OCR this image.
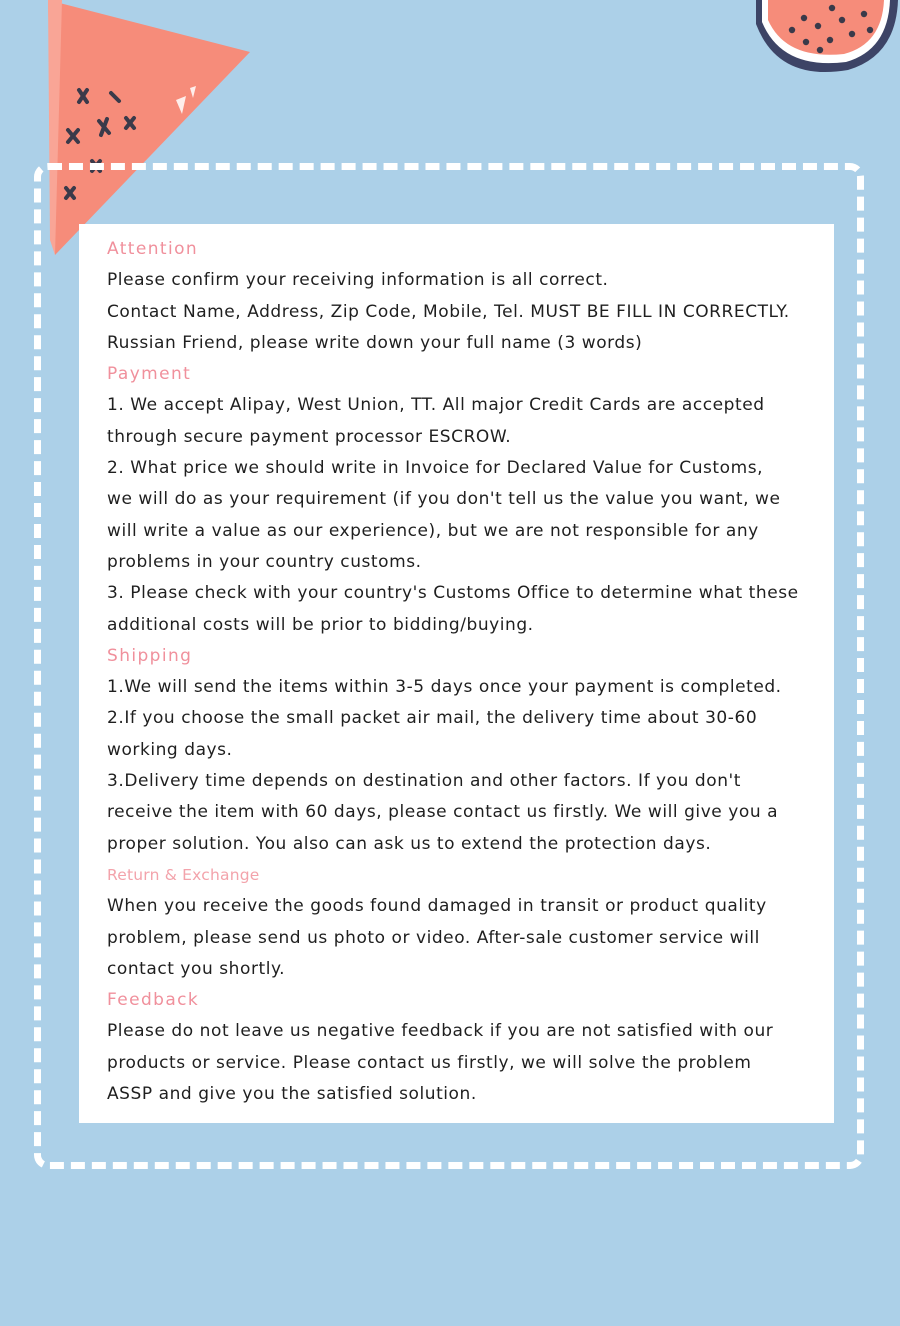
Attention
Please confirm your receiving information is all correct.
Contact Name, Address, Zip Code, Mobile, Tel. MUST BE FILL IN CORRECTLY.
Russian Friend, please write down your full name (3 words)
Payment
1. We accept Alipay, West Union, TT. All major Credit Cards are accepted
through secure payment processor ESCROW.
2. What price we should write in Invoice for Declared Value for Customs,
we will do as your requirement (if you don't tell us the value you want, we
will write a value as our experience), but we are not responsible for any
problems in your country customs.
3. Please check with your country's Customs Office to determine what these
additional costs will be prior to bidding/buying.
Shipping
1.We will send the items within 3-5 days once your payment is completed.
2.If you choose the small packet air mail, the delivery time about 30-60
working days.
3.Delivery time depends on destination and other factors. If you don't
receive the item with 60 days, please contact us firstly. We will give you a
proper solution. You also can ask us to extend the protection days.
Return & Exchange
When you receive the goods found damaged in transit or product quality
problem, please send us photo or video. After-sale customer service will
contact you shortly.
Feedback
Please do not leave us negative feedback if you are not satisfied with our
products or service. Please contact us firstly, we will solve the problem
ASSP and give you the satisfied solution.
